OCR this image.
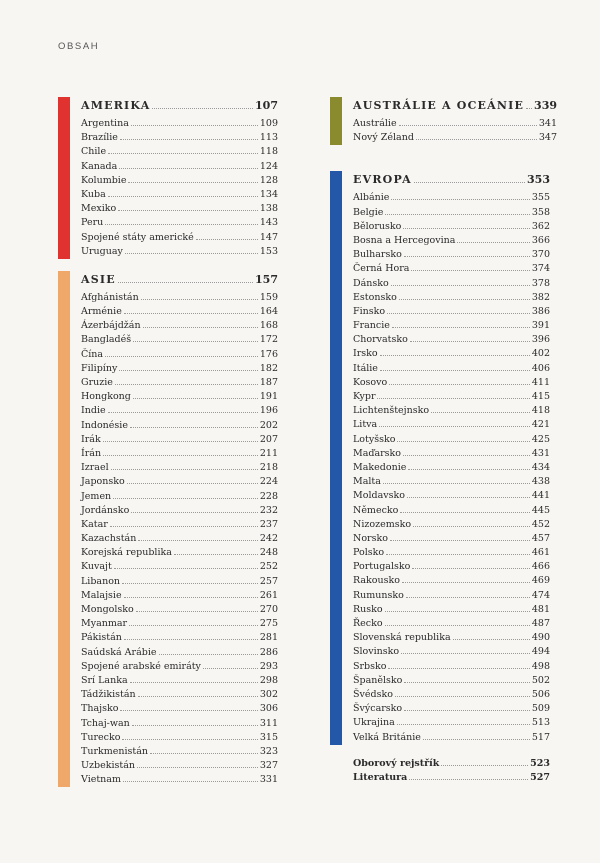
OBSAH
AMERIKA	107
Argentina	109
Brazílie	113
Chile	118
Kanada	124
Kolumbie	128
Kuba	134
Mexiko	138
Peru	143
Spojené státy americké	147
Uruguay	153
ASIE	157
Afghánistán	159
Arménie	164
Ázerbájdžán	168
Bangladéš	172
Čína	176
Filipíny	182
Gruzie	187
Hongkong	191
Indie	196
Indonésie	202
Irák	207
Írán	211
Izrael	218
Japonsko	224
Jemen	228
Jordánsko	232
Katar	237
Kazachstán	242
Korejská republika	248
Kuvajt	252
Libanon	257
Malajsie	261
Mongolsko	270
Myanmar	275
Pákistán	281
Saúdská Arábie	286
Spojené arabské emiráty	293
Srí Lanka	298
Tádžikistán	302
Thajsko	306
Tchaj-wan	311
Turecko	315
Turkmenistán	323
Uzbekistán	327
Vietnam	331
AUSTRÁLIE A OCEÁNIE 339
Austrálie	341
Nový Zéland	347
EVROPA	353
Albánie	355
Belgie	358
Bělorusko	362
Bosna a Hercegovina	366
Bulharsko	370
Černá Hora	374
Dánsko	378
Estonsko	382
Finsko	386
Francie	391
Chorvatsko	396
Irsko	402
Itálie	406
Kosovo	411
Kypr	415
Lichtenštejnsko	418
Litva	421
Lotyšsko	425
Maďarsko	431
Makedonie	434
Malta	438
Moldavsko	441
Německo	445
Nizozemsko	452
Norsko	457
Polsko	461
Portugalsko	466
Rakousko	469
Rumunsko	474
Rusko	481
Řecko	487
Slovenská republika	490
Slovinsko	494
Srbsko	498
Španělsko	502
Švédsko	506
Švýcarsko	509
Ukrajina	513
Velká Británie	517
Oborový rejstřík	523
Literatura	527
